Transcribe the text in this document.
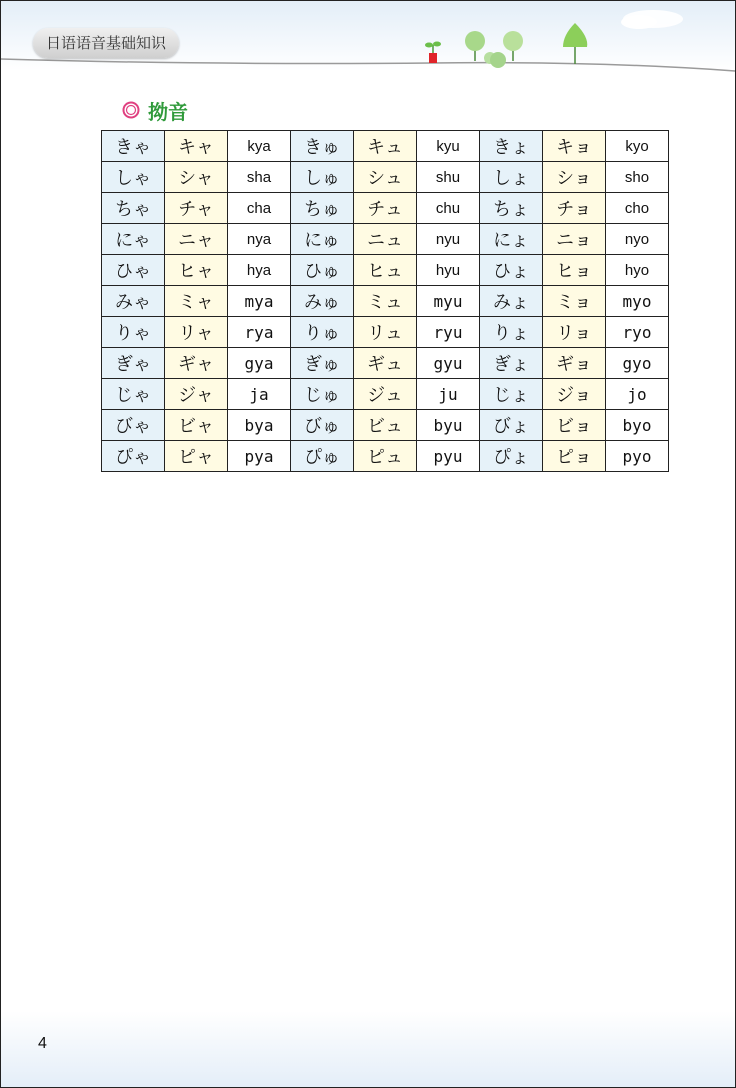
日语语音基础知识
拗音
きゃ	キャ	kya	きゅ	キュ	kyu	きょ	キョ	kyo
しゃ	シャ	sha	しゅ	シュ	shu	しょ	ショ	sho
ちゃ	チャ	cha	ちゅ	チュ	chu	ちょ	チョ	cho
にゃ	ニャ	nya	にゅ	ニュ	nyu	にょ	ニョ	nyo
ひゃ	ヒャ	hya	ひゅ	ヒュ	hyu	ひょ	ヒョ	hyo
みゃ	ミャ	mya	みゅ	ミュ	myu	みょ	ミョ	myo
りゃ	リャ	rya	りゅ	リュ	ryu	りょ	リョ	ryo
ぎゃ	ギャ	gya	ぎゅ	ギュ	gyu	ぎょ	ギョ	gyo
じゃ	ジャ	ja	じゅ	ジュ	ju	じょ	ジョ	jo
びゃ	ビャ	bya	びゅ	ビュ	byu	びょ	ビョ	byo
ぴゃ	ピャ	pya	ぴゅ	ピュ	pyu	ぴょ	ピョ	pyo
4
